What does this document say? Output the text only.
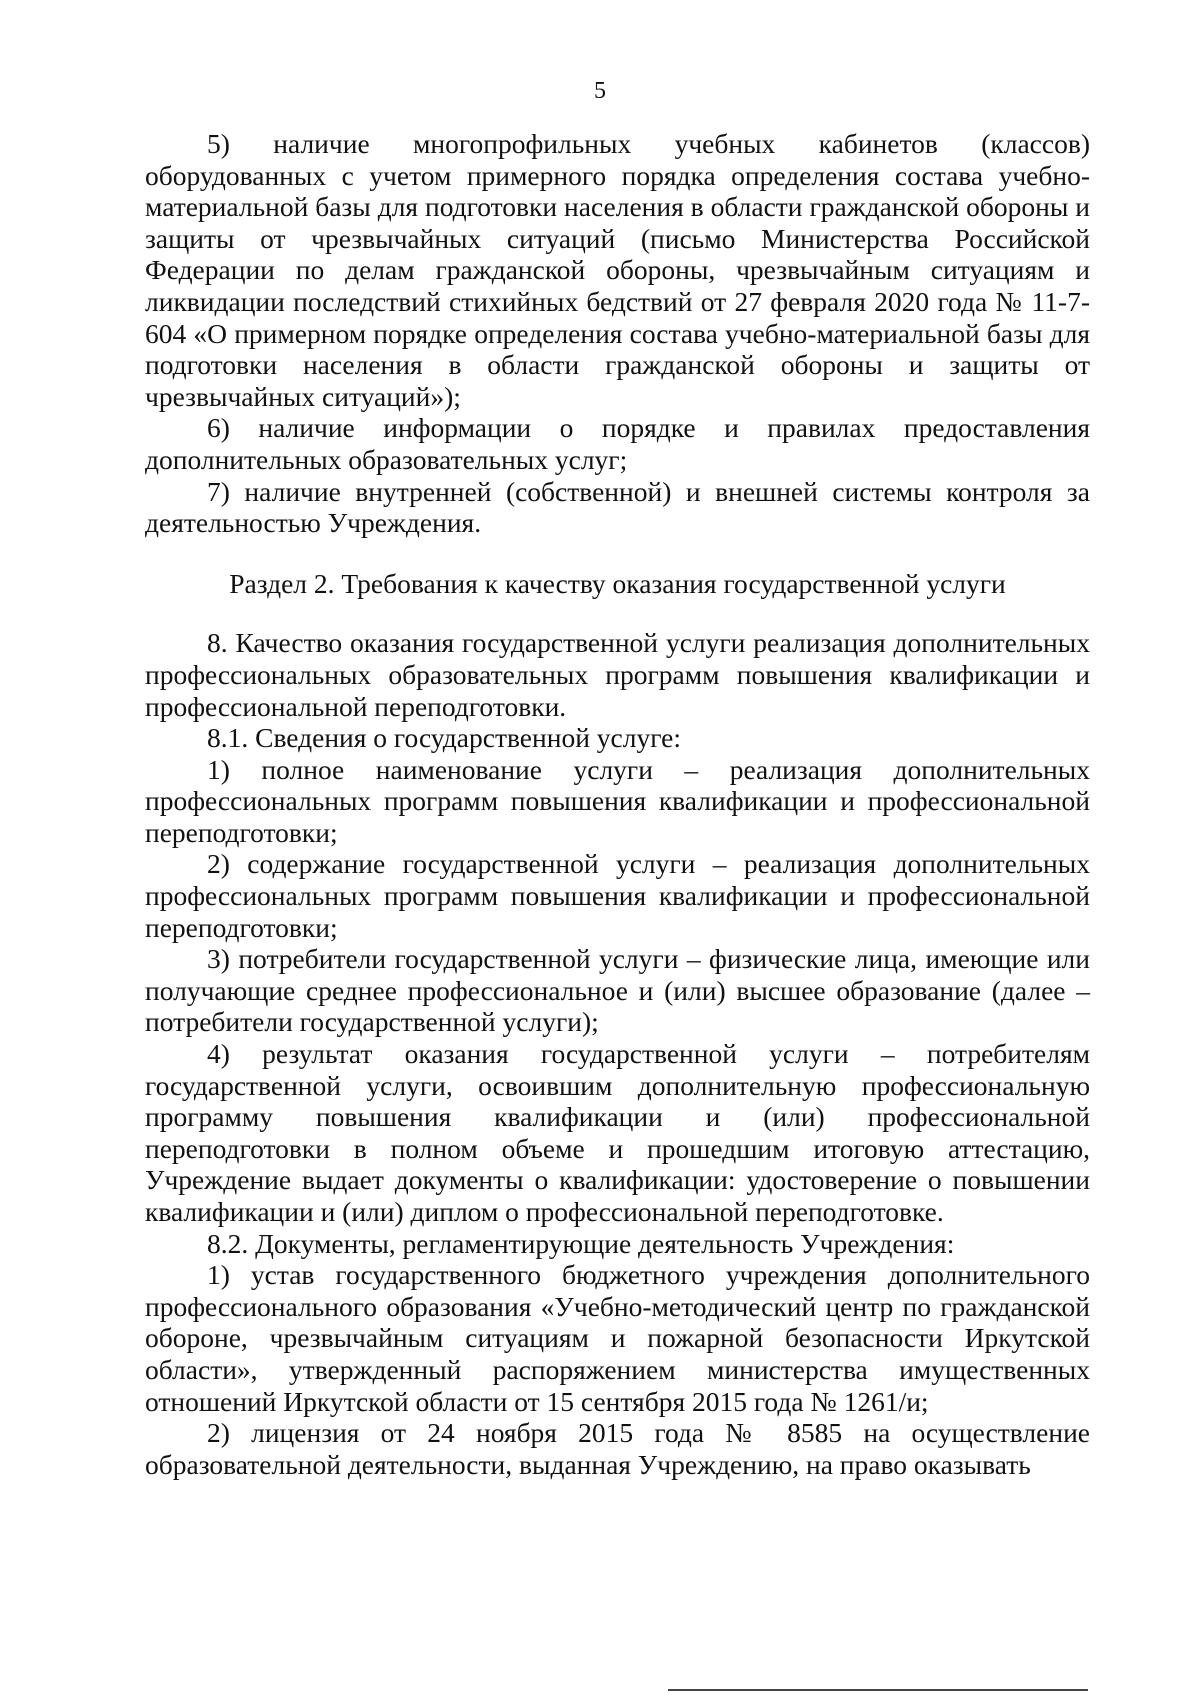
5

5) наличие многопрофильных учебных кабинетов (классов) оборудованных с учетом примерного порядка определения состава учебно-материальной базы для подготовки населения в области гражданской обороны и защиты от чрезвычайных ситуаций (письмо Министерства Российской Федерации по делам гражданской обороны, чрезвычайным ситуациям и ликвидации последствий стихийных бедствий от 27 февраля 2020 года № 11-7-604 «О примерном порядке определения состава учебно-материальной базы для подготовки населения в области гражданской обороны и защиты от чрезвычайных ситуаций»);

6) наличие информации о порядке и правилах предоставления дополнительных образовательных услуг;

7) наличие внутренней (собственной) и внешней системы контроля за деятельностью Учреждения.

Раздел 2. Требования к качеству оказания государственной услуги

8. Качество оказания государственной услуги реализация дополнительных профессиональных образовательных программ повышения квалификации и профессиональной переподготовки.

8.1. Сведения о государственной услуге:

1) полное наименование услуги – реализация дополнительных профессиональных программ повышения квалификации и профессиональной переподготовки;

2) содержание государственной услуги – реализация дополнительных профессиональных программ повышения квалификации и профессиональной переподготовки;

3) потребители государственной услуги – физические лица, имеющие или получающие среднее профессиональное и (или) высшее образование (далее – потребители государственной услуги);

4) результат оказания государственной услуги – потребителям государственной услуги, освоившим дополнительную профессиональную программу повышения квалификации и (или) профессиональной переподготовки в полном объеме и прошедшим итоговую аттестацию, Учреждение выдает документы о квалификации: удостоверение о повышении квалификации и (или) диплом о профессиональной переподготовке.

8.2. Документы, регламентирующие деятельность Учреждения:

1) устав государственного бюджетного учреждения дополнительного профессионального образования «Учебно-методический центр по гражданской обороне, чрезвычайным ситуациям и пожарной безопасности Иркутской области», утвержденный распоряжением министерства имущественных отношений Иркутской области от 15 сентября 2015 года № 1261/и;

2) лицензия от 24 ноября 2015 года № 8585 на осуществление образовательной деятельности, выданная Учреждению, на право оказывать
